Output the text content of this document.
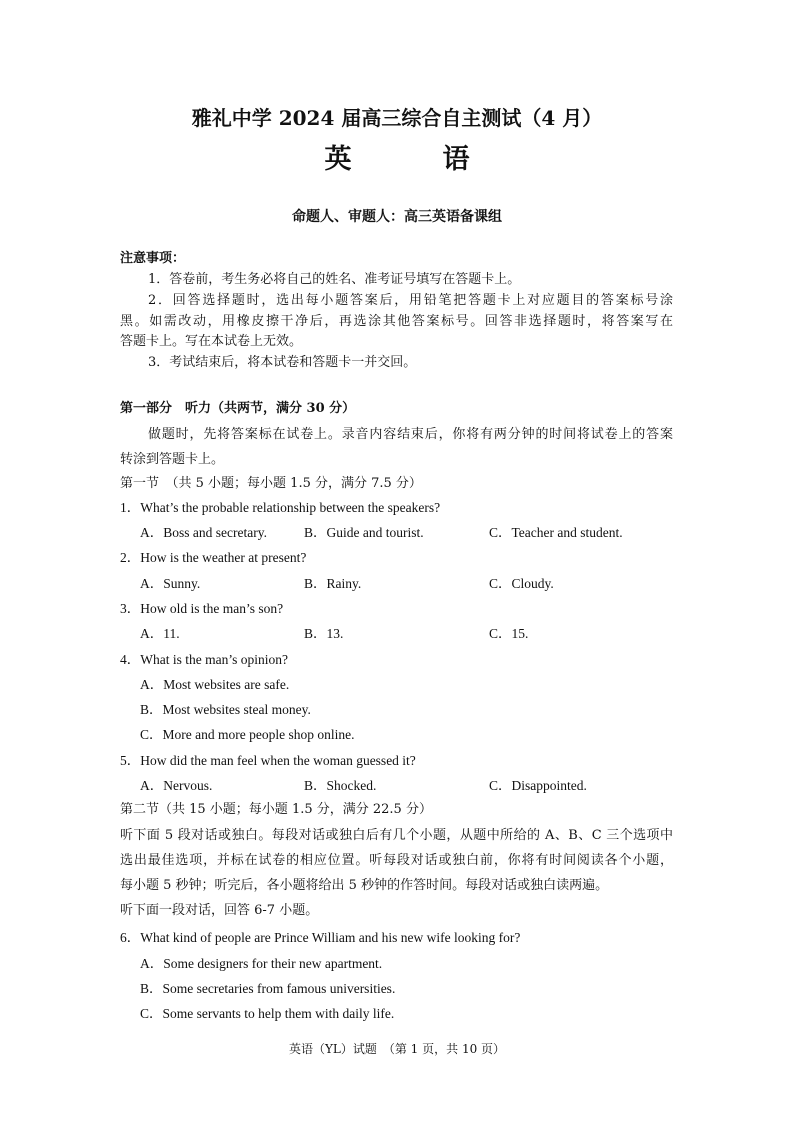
雅礼中学 2024 届高三综合自主测试（4 月）
英　语
命题人、审题人：高三英语备课组
注意事项：
1．答卷前，考生务必将自己的姓名、准考证号填写在答题卡上。
2．回答选择题时，选出每小题答案后，用铅笔把答题卡上对应题目的答案标号涂
黑。如需改动，用橡皮擦干净后，再选涂其他答案标号。回答非选择题时，将答案写在
答题卡上。写在本试卷上无效。
3．考试结束后，将本试卷和答题卡一并交回。
第一部分　听力（共两节，满分 30 分）
做题时，先将答案标在试卷上。录音内容结束后，你将有两分钟的时间将试卷上的答案
转涂到答题卡上。
第一节　（共 5 小题；每小题 1.5 分，满分 7.5 分）
1．What’s the probable relationship between the speakers?
A．Boss and secretary.	B．Guide and tourist.	C．Teacher and student.
2．How is the weather at present?
A．Sunny.	B．Rainy.	C．Cloudy.
3．How old is the man’s son?
A．11.	B．13.	C．15.
4．What is the man’s opinion?
A．Most websites are safe.
B．Most websites steal money.
C．More and more people shop online.
5．How did the man feel when the woman guessed it?
A．Nervous.	B．Shocked.	C．Disappointed.
第二节（共 15 小题；每小题 1.5 分，满分 22.5 分）
听下面 5 段对话或独白。每段对话或独白后有几个小题，从题中所给的 A、B、C 三个选项中
选出最佳选项，并标在试卷的相应位置。听每段对话或独白前，你将有时间阅读各个小题，
每小题 5 秒钟；听完后，各小题将给出 5 秒钟的作答时间。每段对话或独白读两遍。
听下面一段对话，回答 6-7 小题。
6．What kind of people are Prince William and his new wife looking for?
A．Some designers for their new apartment.
B．Some secretaries from famous universities.
C．Some servants to help them with daily life.
英语（YL）试题　（第 1 页，共 10 页）
